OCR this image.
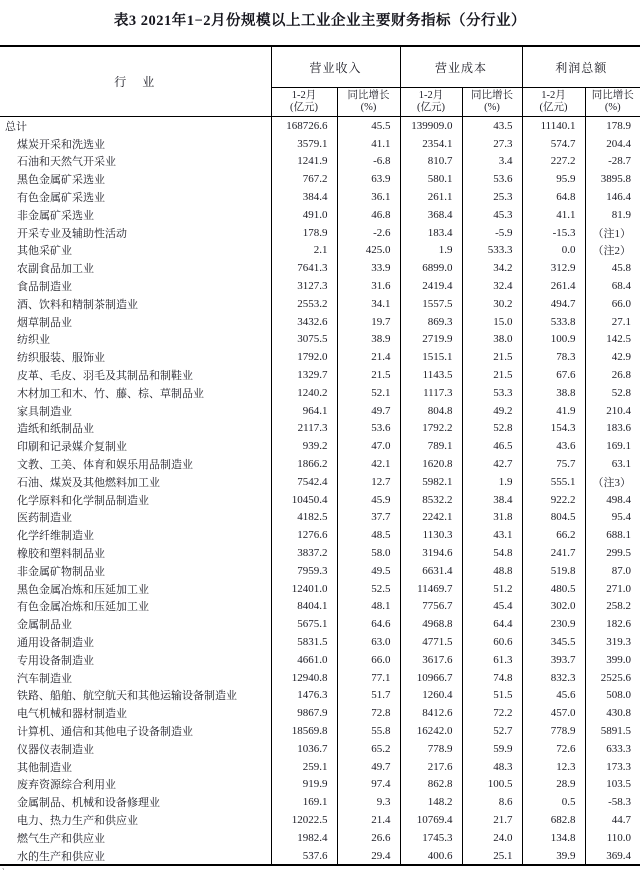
表3 2021年1−2月份规模以上工业企业主要财务指标（分行业）
行　业	营业收入		营业成本		利润总额	

1-2月
(亿元)

同比增长
(%)

1-2月
(亿元)

同比增长
(%)

1-2月
(亿元)

同比增长
(%)

总计	168726.6	45.5	139909.0	43.5	11140.1	178.9
煤炭开采和洗选业	3579.1	41.1	2354.1	27.3	574.7	204.4
石油和天然气开采业	1241.9	-6.8	810.7	3.4	227.2	-28.7
黑色金属矿采选业	767.2	63.9	580.1	53.6	95.9	3895.8
有色金属矿采选业	384.4	36.1	261.1	25.3	64.8	146.4
非金属矿采选业	491.0	46.8	368.4	45.3	41.1	81.9
开采专业及辅助性活动	178.9	-2.6	183.4	-5.9	-15.3	（注1）
其他采矿业	2.1	425.0	1.9	533.3	0.0	（注2）
农副食品加工业	7641.3	33.9	6899.0	34.2	312.9	45.8
食品制造业	3127.3	31.6	2419.4	32.4	261.4	68.4
酒、饮料和精制茶制造业	2553.2	34.1	1557.5	30.2	494.7	66.0
烟草制品业	3432.6	19.7	869.3	15.0	533.8	27.1
纺织业	3075.5	38.9	2719.9	38.0	100.9	142.5
纺织服装、服饰业	1792.0	21.4	1515.1	21.5	78.3	42.9
皮革、毛皮、羽毛及其制品和制鞋业	1329.7	21.5	1143.5	21.5	67.6	26.8
木材加工和木、竹、藤、棕、草制品业	1240.2	52.1	1117.3	53.3	38.8	52.8
家具制造业	964.1	49.7	804.8	49.2	41.9	210.4
造纸和纸制品业	2117.3	53.6	1792.2	52.8	154.3	183.6
印刷和记录媒介复制业	939.2	47.0	789.1	46.5	43.6	169.1
文教、工美、体育和娱乐用品制造业	1866.2	42.1	1620.8	42.7	75.7	63.1
石油、煤炭及其他燃料加工业	7542.4	12.7	5982.1	1.9	555.1	（注3）
化学原料和化学制品制造业	10450.4	45.9	8532.2	38.4	922.2	498.4
医药制造业	4182.5	37.7	2242.1	31.8	804.5	95.4
化学纤维制造业	1276.6	48.5	1130.3	43.1	66.2	688.1
橡胶和塑料制品业	3837.2	58.0	3194.6	54.8	241.7	299.5
非金属矿物制品业	7959.3	49.5	6631.4	48.8	519.8	87.0
黑色金属冶炼和压延加工业	12401.0	52.5	11469.7	51.2	480.5	271.0
有色金属冶炼和压延加工业	8404.1	48.1	7756.7	45.4	302.0	258.2
金属制品业	5675.1	64.6	4968.8	64.4	230.9	182.6
通用设备制造业	5831.5	63.0	4771.5	60.6	345.5	319.3
专用设备制造业	4661.0	66.0	3617.6	61.3	393.7	399.0
汽车制造业	12940.8	77.1	10966.7	74.8	832.3	2525.6
铁路、船舶、航空航天和其他运输设备制造业	1476.3	51.7	1260.4	51.5	45.6	508.0
电气机械和器材制造业	9867.9	72.8	8412.6	72.2	457.0	430.8
计算机、通信和其他电子设备制造业	18569.8	55.8	16242.0	52.7	778.9	5891.5
仪器仪表制造业	1036.7	65.2	778.9	59.9	72.6	633.3
其他制造业	259.1	49.7	217.6	48.3	12.3	173.3
废弃资源综合利用业	919.9	97.4	862.8	100.5	28.9	103.5
金属制品、机械和设备修理业	169.1	9.3	148.2	8.6	0.5	-58.3
电力、热力生产和供应业	12022.5	21.4	10769.4	21.7	682.8	44.7
燃气生产和供应业	1982.4	26.6	1745.3	24.0	134.8	110.0
水的生产和供应业	537.6	29.4	400.6	25.1	39.9	369.4
、
